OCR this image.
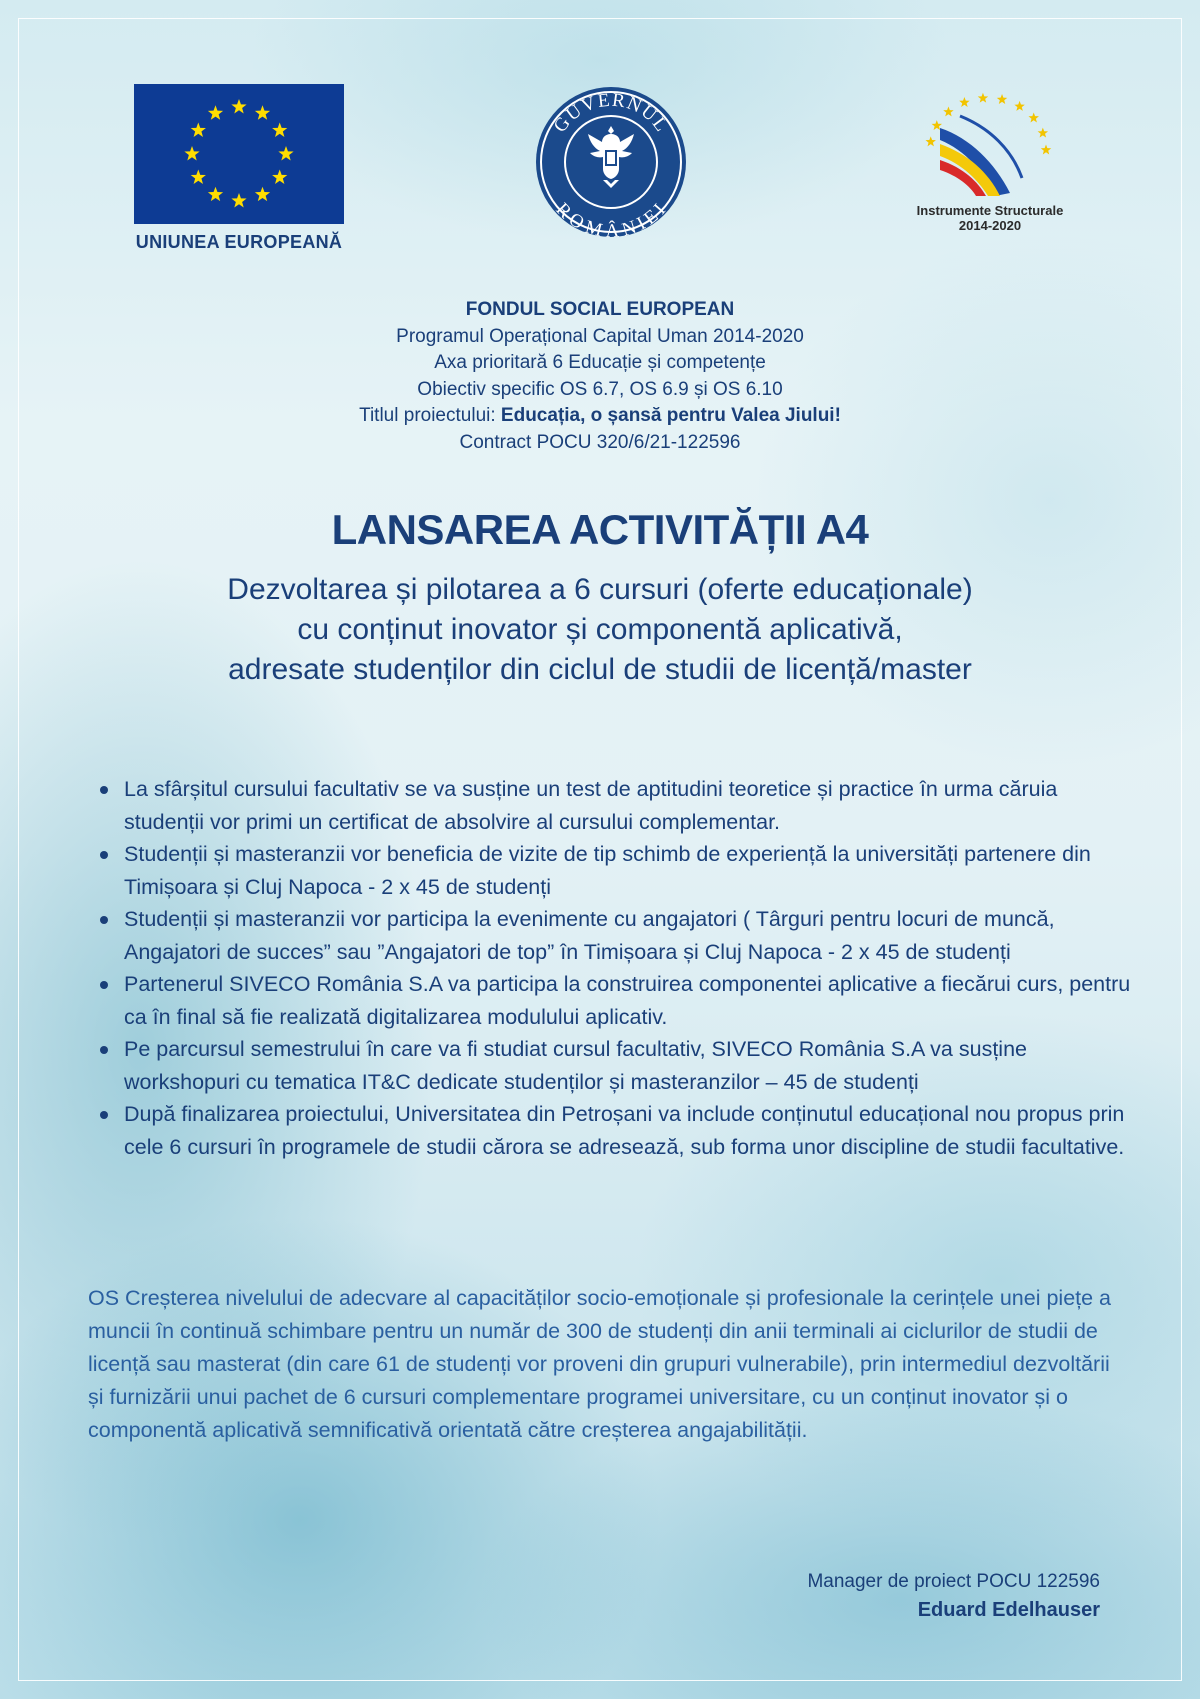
UNIUNEA EUROPEANĂ
GUVERNUL
ROMÂNIEI	Instrumente Structurale
2014-2020
FONDUL SOCIAL EUROPEAN
Programul Operațional Capital Uman 2014-2020
Axa prioritară 6 Educație și competențe
Obiectiv specific OS 6.7, OS 6.9 și OS 6.10
Titlul proiectului: Educația, o șansă pentru Valea Jiului!
Contract POCU 320/6/21-122596
LANSAREA ACTIVITĂȚII A4
Dezvoltarea și pilotarea a 6 cursuri (oferte educaționale)
cu conținut inovator și componentă aplicativă,
adresate studenților din ciclul de studii de licență/master
La sfârșitul cursului facultativ se va susține un test de aptitudini teoretice și practice în urma căruia studenții vor primi un certificat de absolvire al cursului complementar.
Studenții și masteranzii vor beneficia de vizite de tip schimb de experiență la universități partenere din Timișoara și Cluj Napoca - 2 x 45 de studenți
Studenții și masteranzii vor participa la evenimente cu angajatori ( Târguri pentru locuri de muncă, Angajatori de succes” sau ”Angajatori de top” în Timișoara și Cluj Napoca - 2 x 45 de studenți
Partenerul SIVECO România S.A va participa la construirea componentei aplicative a fiecărui curs, pentru ca în final să fie realizată digitalizarea modulului aplicativ.
Pe parcursul semestrului în care va fi studiat cursul facultativ, SIVECO România S.A va susține workshopuri cu tematica IT&C dedicate studenților și masteranzilor – 45 de studenți
După finalizarea proiectului, Universitatea din Petroșani va include conținutul educațional nou propus prin cele 6 cursuri în programele de studii cărora se adresează, sub forma unor discipline de studii facultative.
OS Creșterea nivelului de adecvare al capacităților socio-emoționale și profesionale la cerințele unei piețe a muncii în continuă schimbare pentru un număr de 300 de studenți din anii terminali ai ciclurilor de studii de licență sau masterat (din care 61 de studenți vor proveni din grupuri vulnerabile), prin intermediul dezvoltării și furnizării unui pachet de 6 cursuri complementare programei universitare, cu un conținut inovator și o componentă aplicativă semnificativă orientată către creșterea angajabilității.
Manager de proiect POCU 122596
Eduard Edelhauser
